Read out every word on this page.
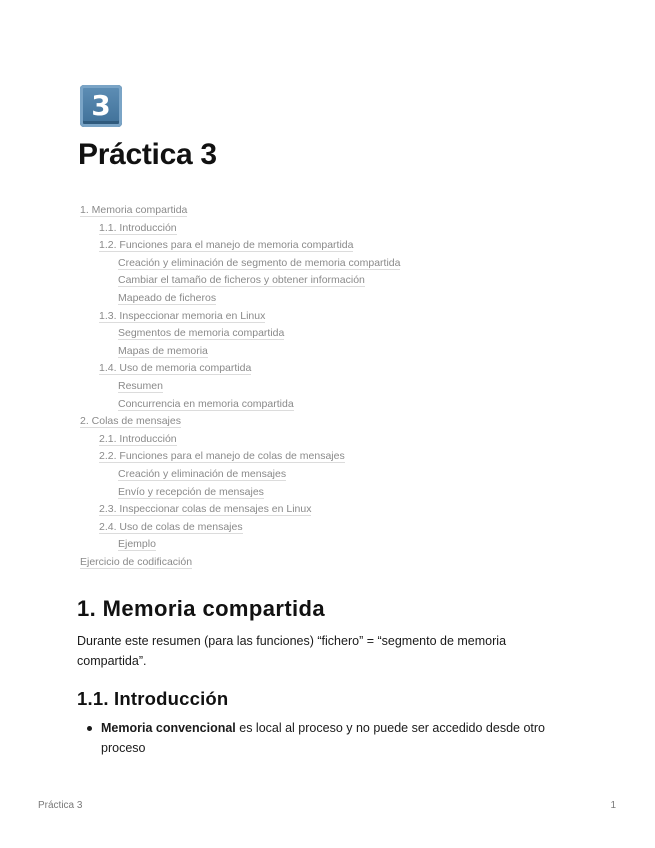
3
Práctica 3
1. Memoria compartida
1.1. Introducción
1.2. Funciones para el manejo de memoria compartida
Creación y eliminación de segmento de memoria compartida
Cambiar el tamaño de ficheros y obtener información
Mapeado de ficheros
1.3. Inspeccionar memoria en Linux
Segmentos de memoria compartida
Mapas de memoria
1.4. Uso de memoria compartida
Resumen
Concurrencia en memoria compartida
2. Colas de mensajes
2.1. Introducción
2.2. Funciones para el manejo de colas de mensajes
Creación y eliminación de mensajes
Envío y recepción de mensajes
2.3. Inspeccionar colas de mensajes en Linux
2.4. Uso de colas de mensajes
Ejemplo
Ejercicio de codificación
1. Memoria compartida

Durante este resumen (para las funciones) “fichero” = “segmento de memoria compartida”.

1.1. Introducción
Memoria convencional es local al proceso y no puede ser accedido desde otro proceso
Práctica 3	1
